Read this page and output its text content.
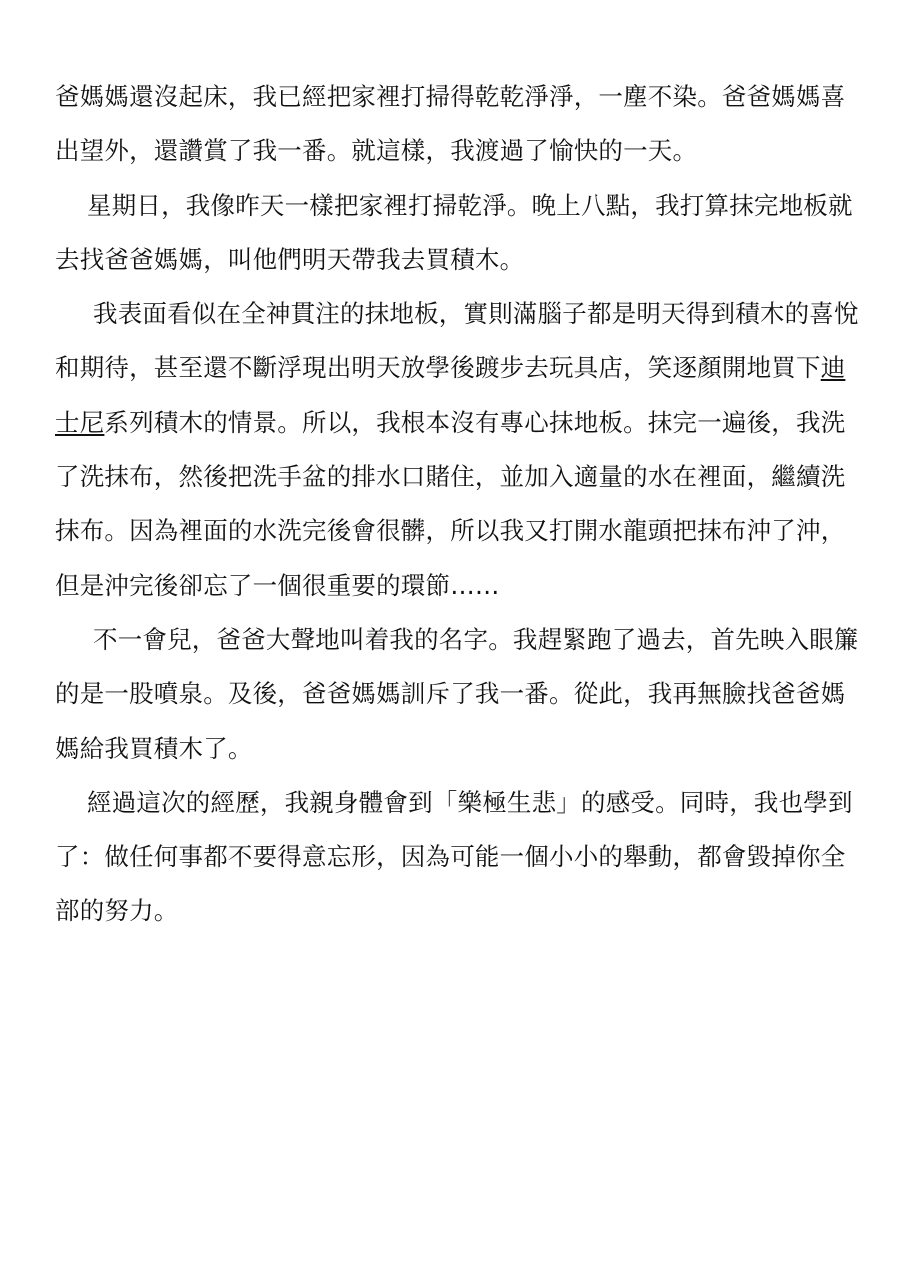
爸媽媽還沒起床，我已經把家裡打掃得乾乾淨淨，一塵不染。爸爸媽媽喜
出望外，還讚賞了我一番。就這樣，我渡過了愉快的一天。
星期日，我像昨天一樣把家裡打掃乾淨。晚上八點，我打算抹完地板就
去找爸爸媽媽，叫他們明天帶我去買積木。
我表面看似在全神貫注的抹地板，實則滿腦子都是明天得到積木的喜悅
和期待，甚至還不斷浮現出明天放學後踱步去玩具店，笑逐顏開地買下迪
士尼系列積木的情景。所以，我根本沒有專心抹地板。抹完一遍後，我洗
了洗抹布，然後把洗手盆的排水口賭住，並加入適量的水在裡面，繼續洗
抹布。因為裡面的水洗完後會很髒，所以我又打開水龍頭把抹布沖了沖，
但是沖完後卻忘了一個很重要的環節……
不一會兒，爸爸大聲地叫着我的名字。我趕緊跑了過去，首先映入眼簾
的是一股噴泉。及後，爸爸媽媽訓斥了我一番。從此，我再無臉找爸爸媽
媽給我買積木了。
經過這次的經歷，我親身體會到「樂極生悲」的感受。同時，我也學到
了：做任何事都不要得意忘形，因為可能一個小小的舉動，都會毀掉你全
部的努力。
